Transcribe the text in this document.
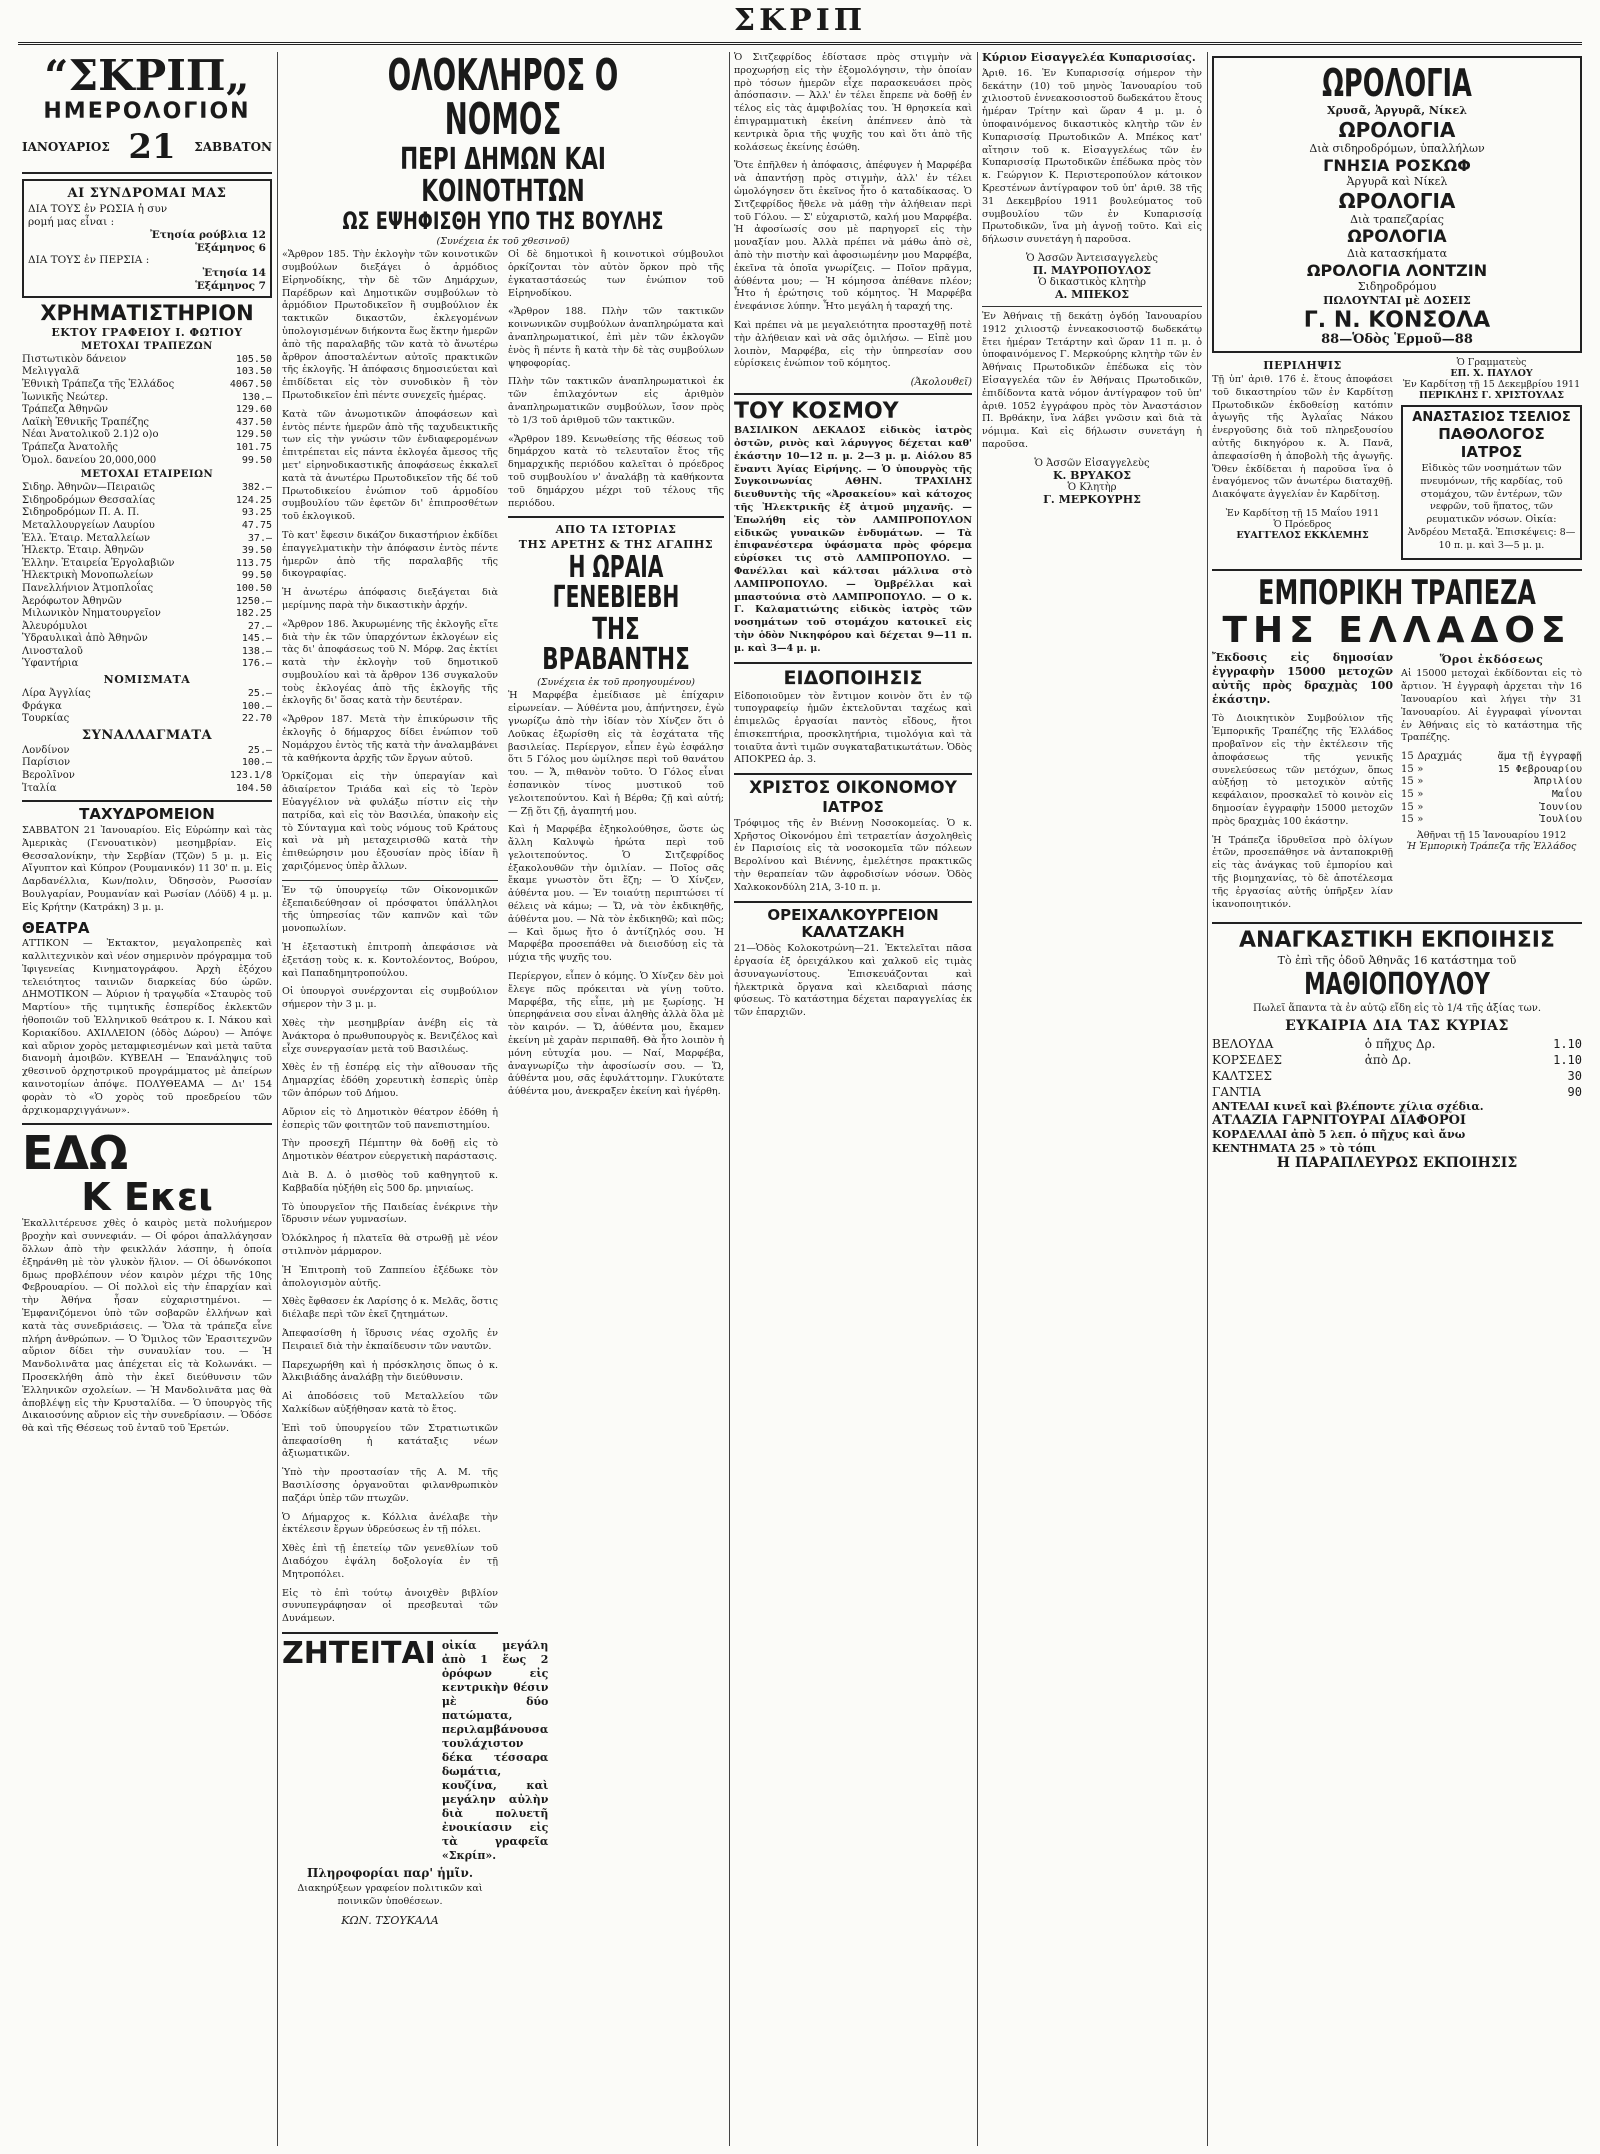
ΣΚΡΙΠ
“ΣΚΡΙΠ„
ΗΜΕΡΟΛΟΓΙΟΝ
ΙΑΝΟΥΑΡΙΟΣ 21 ΣΑΒΒΑΤΟΝ
ΑΙ ΣΥΝΔΡΟΜΑΙ ΜΑΣ
ΔΙΑ ΤΟΥΣ ἐν ΡΩΣΙΑ ἡ συν
ρομή μας εἶναι :
Ἐτησία ρούβλια 12
Ἑξάμηνος 6
ΔΙΑ ΤΟΥΣ ἐν ΠΕΡΣΙΑ :
Ἐτησία 14
Ἑξάμηνος 7
ΧΡΗΜΑΤΙΣΤΗΡΙΟΝ
ΕΚΤΟΥ ΓΡΑΦΕΙΟΥ Ι. ΦΩΤΙΟΥ
ΜΕΤΟΧΑΙ ΤΡΑΠΕΖΩΝ
Πιστωτικὸν δάνειον	105.50
Μελιγγαλᾶ	103.50
Ἐθνικὴ Τράπεζα τῆς Ἑλλάδος	4067.50
Ἰωνικῆς Νεώτερ.	130.—
Τράπεζα Ἀθηνῶν	129.60
Λαϊκὴ Ἐθνικῆς Τραπέζης	437.50
Νέαι Ἀνατολικοῦ 2.1)2 ο)ο	129.50
Τράπεζα Ἀνατολῆς	101.75
Ὁμολ. δανείου 20,000,000	99.50
ΜΕΤΟΧΑΙ ΕΤΑΙΡΕΙΩΝ
Σιδηρ. Ἀθηνῶν—Πειραιῶς	382.—
Σιδηροδρόμων Θεσσαλίας	124.25
Σιδηροδρόμων Π. Α. Π.	93.25
Μεταλλουργείων Λαυρίου	47.75
Ἑλλ. Ἑταιρ. Μεταλλείων	37.—
Ἡλεκτρ. Ἑταιρ. Ἀθηνῶν	39.50
Ἑλλην. Ἑταιρεία Ἐργολαβιῶν	113.75
Ἡλεκτρικὴ Μονοπωλείων	99.50
Πανελλήνιον Ἀτμοπλοΐας	100.50
Ἀερόφωτον Ἀθηνῶν	1250.—
Μιλωνικὸν Νηματουργεῖον	182.25
Ἀλευρόμυλοι	27.—
Ὑδραυλικαὶ ἀπὸ Ἀθηνῶν	145.—
Λινοσταλοῦ	138.—
Ὑφαντήρια	176.—
ΝΟΜΙΣΜΑΤΑ
Λίρα Ἀγγλίας	25.—
Φράγκα	100.—
Τουρκίας	22.70
ΣΥΝΑΛΛΑΓΜΑΤΑ
Λονδίνον	25.—
Παρίσιον	100.—
Βερολῖνον	123.1/8
Ἰταλία	104.50
ΤΑΧΥΔΡΟΜΕΙΟΝ

ΣΑΒΒΑΤΟΝ 21 Ἰανουαρίου. Εἰς Εὐρώπην καὶ τὰς Ἀμερικὰς (Γενουατικὸν) μεσημβρίαν. Εἰς Θεσσαλονίκην, τὴν Σερβίαν (Τζῶν) 5 μ. μ. Εἰς Αἴγυπτον καὶ Κύπρον (Ρουμανικόν) 11 30' π. μ. Εἰς Δαρδανέλλια, Κων/πολιν, Ὀδησσὸν, Ρωσσίαν Βουλγαρίαν, Ρουμανίαν καὶ Ρωσίαν (Λόϋδ) 4 μ. μ. Εἰς Κρήτην (Κατράκη) 3 μ. μ.

ΘΕΑΤΡΑ

ΑΤΤΙΚΟΝ — Ἐκτακτον, μεγαλοπρεπὲς καὶ καλλιτεχνικὸν καὶ νέον σημερινὸν πρόγραμμα τοῦ Ἰφιγενείας Κινηματογράφου. Ἀρχὴ ἐξόχου τελειότητος ταινιῶν διαρκείας δύο ὡρῶν. ΔΗΜΟΤΙΚΟΝ — Ἀύριον ἡ τραγῳδία «Σταυρὸς τοῦ Μαρτίου» τῆς τιμητικῆς ἐσπερίδος ἐκλεκτῶν ἠθοποιῶν τοῦ Ἑλληνικοῦ θεάτρου κ. Ι. Νάκου καὶ Κοριακίδου. ΑΧΙΛΛΕΙΟΝ (ὁδὸς Δώρου) — Ἀπόψε καὶ αὔριον χορὸς μεταμφιεσμένων καὶ μετὰ ταῦτα διανομὴ ἀμοιβῶν. ΚΥΒΕΛΗ — Ἐπανάληψις τοῦ χθεσινοῦ ὀρχηστρικοῦ προγράμματος μὲ ἀπείρων καινοτομίων ἀπόψε. ΠΟΛΥΘΕΑΜΑ — Δι' 154 φορὰν τὸ «Ὁ χορὸς τοῦ προεδρείου τῶν ἀρχικομαρχιγγάνων».

ΕΔΩ
Κ Εκει

Ἐκαλλιτέρευσε χθὲς ὁ καιρὸς μετὰ πολυήμερον βροχὴν καὶ συννεφιάν. — Οἱ φόροι ἀπαλλάγησαν ὅλλων ἀπὸ τὴν φεικλλάν λάσπην, ἡ ὁποία ἐξηράνθη μὲ τὸν γλυκὸν ἥλιον. — Οἱ ὁδωνόκοποι δμως προβλέπουν νέον καιρὸν μέχρι τῆς 10ης Φεβρουαρίου. — Οἱ πολλοὶ εἰς τὴν ἐπαρχίαν καὶ τὴν Ἀθήνα ἦσαν εὐχαριστημένοι. — Ἐμφανιζόμενοι ὑπὸ τῶν σοβαρῶν ἐλλήνων καὶ κατὰ τὰς συνεδριάσεις. — Ὅλα τὰ τράπεζα εἶνε πλήρη ἀνθρώπων. — Ὁ Ὅμιλος τῶν Ἐρασιτεχνῶν αὔριον δίδει τὴν συναυλίαν του. — Ἡ Μανδολινᾶτα μας ἀπέχεται εἰς τὰ Κολωνάκι. — Προσεκλήθη ἀπὸ τὴν ἐκεῖ διεύθυνσιν τῶν Ἑλληνικῶν σχολείων. — Ἡ Μανδολινᾶτα μας θὰ ἀποβλέψῃ εἰς τὴν Κρυσταλίδα. — Ὁ ὑπουργὸς τῆς Δικαιοσύνης αὔριον εἰς τὴν συνεδρίασιν. — Ὁδόσε θὰ καὶ τῆς Θέσεως τοῦ ἐνταῦ τοῦ Ἐρετών.

ΟΛΟΚΛΗΡΟΣ Ο ΝΟΜΟΣ
ΠΕΡΙ ΔΗΜΩΝ ΚΑΙ ΚΟΙΝΟΤΗΤΩΝ
ΩΣ ΕΨΗΦΙΣΘΗ ΥΠΟ ΤΗΣ ΒΟΥΛΗΣ
(Συνέχεια ἐκ τοῦ χθεσινοῦ)

«Ἄρθρον 185. Τὴν ἐκλογὴν τῶν κοινοτικῶν συμβούλων διεξάγει ὁ ἁρμόδιος Εἰρηνοδίκης, τὴν δὲ τῶν Δημάρχων, Παρέδρων καὶ Δημοτικῶν συμβούλων τὸ ἁρμόδιον Πρωτοδικεῖον ἢ συμβούλιον ἐκ τακτικῶν δικαστῶν, ἐκλεγομένων ὑπολογισμένων διήκοντα ἕως ἕκτην ἡμερῶν ἀπὸ τῆς παραλαβῆς τῶν κατὰ τὸ ἄνωτέρω ἄρθρον ἀποσταλέντων αὐτοῖς πρακτικῶν τῆς ἐκλογῆς. Ἡ ἀπόφασις δημοσιεύεται καὶ ἐπιδίδεται εἰς τὸν συνοδικὸν ἢ τὸν Πρωτοδικεῖον ἐπὶ πέντε συνεχεῖς ἡμέρας.

Κατὰ τῶν ἀνωμοτικῶν ἀποφάσεων καὶ ἐντὸς πέντε ἡμερῶν ἀπὸ τῆς ταχυδεικτικῆς των εἰς τὴν γνώσιν τῶν ἐνδιαφερομένων ἐπιτρέπεται εἰς πάντα ἐκλογέα ἄμεσος τῆς μετ' εἰρηνοδικαστικῆς ἀποφάσεως ἐκκαλεῖ κατὰ τὰ ἀνωτέρω Πρωτοδικεῖον τῆς δέ τοῦ Πρωτοδικείου ἐνώπιον τοῦ ἁρμοδίου συμβουλίου τῶν ἐφετῶν δι' ἐπιπροσθέτων τοῦ ἐκλογικοῦ.

Τὸ κατ' ἔφεσιν δικάζον δικαστήριον ἐκδίδει ἐπαγγελματικὴν τὴν ἀπόφασιν ἐντὸς πέντε ἡμερῶν ἀπὸ τῆς παραλαβῆς τῆς δικογραφίας.

Ἡ ἀνωτέρω ἀπόφασις διεξάγεται διὰ μερίμνης παρὰ τὴν δικαστικὴν ἀρχήν.

«Ἄρθρον 186. Ἀκυρωμένης τῆς ἐκλογῆς εἴτε διὰ τὴν ἐκ τῶν ὑπαρχόντων ἐκλογέων εἰς τὰς δι' ἀποφάσεως τοῦ Ν. Μόρφ. 2ας ἐκτίει κατὰ τὴν ἐκλογὴν τοῦ δημοτικοῦ συμβουλίου καὶ τὰ ἄρθρον 136 συγκαλοῦν τοὺς ἐκλογέας ἀπὸ τῆς ἐκλογῆς τῆς ἐκλογῆς δι' ὅσας κατὰ τὴν δευτέραν.

«Ἄρθρον 187. Μετὰ τὴν ἐπικύρωσιν τῆς ἐκλογῆς ὁ δήμαρχος δίδει ἐνώπιον τοῦ Νομάρχου ἐντὸς τῆς κατὰ τὴν ἀναλαμβάνει τὰ καθήκοντα ἀρχῆς τῶν ἔργων αὐτοῦ.

Ὁρκίζομαι εἰς τὴν ὑπεραγίαν καὶ ἀδιαίρετον Τριάδα καὶ εἰς τὸ Ἱερὸν Εὐαγγέλιον νὰ φυλάξω πίστιν εἰς τὴν πατρίδα, καὶ εἰς τὸν Βασιλέα, ὑπακοὴν εἰς τὸ Σύνταγμα καὶ τοὺς νόμους τοῦ Κράτους καὶ νὰ μὴ μεταχειρισθῶ κατὰ τὴν ἐπιθεώρησιν μου ἐξουσίαν πρὸς ἰδίαν ἢ χαριζόμενος ὑπὲρ ἄλλων.

Ἐν τῷ ὑπουργείῳ τῶν Οἰκονομικῶν ἐξεπαιδεύθησαν οἱ πρόσφατοι ὑπάλληλοι τῆς ὑπηρεσίας τῶν καπνῶν καὶ τῶν μονοπωλίων.

Ἡ ἐξεταστικὴ ἐπιτροπὴ ἀπεφάσισε νὰ ἐξετάσῃ τοὺς κ. κ. Κοντολέοντος, Βούρου, καὶ Παπαδημητροπούλου.

Οἱ ὑπουργοὶ συνέρχονται εἰς συμβούλιον σήμερον τὴν 3 μ. μ.

Χθὲς τὴν μεσημβρίαν ἀνέβη εἰς τὰ Ἀνάκτορα ὁ πρωθυπουργὸς κ. Βενιζέλος καὶ εἶχε συνεργασίαν μετὰ τοῦ Βασιλέως.

Χθὲς ἐν τῇ ἐσπέρᾳ εἰς τὴν αἴθουσαν τῆς Δημαρχίας ἐδόθη χορευτικὴ ἑσπερὶς ὑπὲρ τῶν ἀπόρων τοῦ Δήμου.

Αὔριον εἰς τὸ Δημοτικὸν θέατρον ἐδόθη ἡ ἐσπερὶς τῶν φοιτητῶν τοῦ πανεπιστημίου.

Τὴν προσεχῆ Πέμπτην θὰ δοθῇ εἰς τὸ Δημοτικὸν θέατρον εὐεργετικὴ παράστασις.

Διὰ Β. Δ. ὁ μισθὸς τοῦ καθηγητοῦ κ. Καββαδία ηὐξήθη εἰς 500 δρ. μηνιαίως.

Τὸ ὑπουργεῖον τῆς Παιδείας ἐνέκρινε τὴν ἵδρυσιν νέων γυμνασίων.

Ὀλόκληρος ἡ πλατεῖα θὰ στρωθῇ μὲ νέον στιλπνὸν μάρμαρον.

Ἡ Ἐπιτροπὴ τοῦ Ζαππείου ἐξέδωκε τὸν ἀπολογισμὸν αὐτῆς.

Χθὲς ἔφθασεν ἐκ Λαρίσης ὁ κ. Μελᾶς, ὅστις διέλαβε περὶ τῶν ἐκεῖ ζητημάτων.

Ἀπεφασίσθη ἡ ἵδρυσις νέας σχολῆς ἐν Πειραιεῖ διὰ τὴν ἐκπαίδευσιν τῶν ναυτῶν.

Παρεχωρήθη καὶ ἡ πρόσκλησις ὅπως ὁ κ. Ἀλκιβιάδης ἀναλάβῃ τὴν διεύθυνσιν.

Αἱ ἀποδόσεις τοῦ Μεταλλείου τῶν Χαλκίδων αὐξήθησαν κατὰ τὸ ἔτος.

Ἐπὶ τοῦ ὑπουργείου τῶν Στρατιωτικῶν ἀπεφασίσθη ἡ κατάταξις νέων ἀξιωματικῶν.

Ὑπὸ τὴν προστασίαν τῆς Α. Μ. τῆς Βασιλίσσης ὀργανοῦται φιλανθρωπικὸν παζάρι ὑπὲρ τῶν πτωχῶν.

Ὁ Δήμαρχος κ. Κόλλια ἀνέλαβε τὴν ἐκτέλεσιν ἔργων ὑδρεύσεως ἐν τῇ πόλει.

Χθὲς ἐπὶ τῇ ἐπετείῳ τῶν γενεθλίων τοῦ Διαδόχου ἐψάλη δοξολογία ἐν τῇ Μητροπόλει.

Εἰς τὸ ἐπὶ τούτῳ ἀνοιχθὲν βιβλίον συνυπεγράφησαν οἱ πρεσβευταὶ τῶν Δυνάμεων.

ΖΗΤΕΙΤΑΙ οἰκία μεγάλη ἀπὸ 1 ἕως 2 ὀρόφων εἰς κεντρικὴν θέσιν μὲ δύο πατώματα, περιλαμβάνουσα τουλάχιστον δέκα τέσσαρα δωμάτια, κουζίνα, καὶ μεγάλην αὐλὴν διὰ πολυετῆ ἐνοικίασιν εἰς τὰ γραφεῖα «Σκρίπ».
Πληροφορίαι παρ' ἡμῖν.

Διακηρύξεων γραφείον πολιτικῶν καὶ ποινικῶν ὑποθέσεων.

ΚΩΝ. ΤΣΟΥΚΑΛΑ

Οἱ δὲ δημοτικοὶ ἢ κοινοτικοὶ σύμβουλοι ὁρκίζονται τὸν αὐτὸν ὅρκον πρὸ τῆς ἐγκαταστάσεώς των ἐνώπιον τοῦ Εἰρηνοδίκου.

«Ἄρθρον 188. Πλὴν τῶν τακτικῶν κοινωνικῶν συμβούλων ἀναπληρώματα καὶ ἀναπληρωματικοί, ἐπὶ μὲν τῶν ἐκλογῶν ἑνὸς ἢ πέντε ἢ κατὰ τὴν δὲ τὰς συμβούλων ψηφοφορίας.

Πλὴν τῶν τακτικῶν ἀναπληρωματικοὶ ἐκ τῶν ἐπιλαχόντων εἰς ἀριθμὸν ἀναπληρωματικῶν συμβούλων, ἴσον πρὸς τὸ 1/3 τοῦ ἀριθμοῦ τῶν τακτικῶν.

«Ἄρθρον 189. Κενωθείσης τῆς θέσεως τοῦ δημάρχου κατὰ τὸ τελευταῖον ἔτος τῆς δημαρχικῆς περιόδου καλεῖται ὁ πρόεδρος τοῦ συμβουλίου ν' ἀναλάβῃ τὰ καθήκοντα τοῦ δημάρχου μέχρι τοῦ τέλους τῆς περιόδου.

ΑΠΟ ΤΑ ΙΣΤΟΡΙΑΣ
ΤΗΣ ΑΡΕΤΗΣ & ΤΗΣ ΑΓΑΠΗΣ
Η ΩΡΑΙΑ ΓΕΝΕΒΙΕΒΗ
ΤΗΣ ΒΡΑΒΑΝΤΗΣ
(Συνέχεια ἐκ τοῦ προηγουμένου)

Ἡ Μαρφέβα ἐμείδιασε μὲ ἐπίχαριν εἰρωνείαν. — Ἀύθέντα μου, ἀπήντησεν, ἐγὼ γνωρίζω ἀπὸ τὴν ἰδίαν τὸν Χίνζεν ὅτι ὁ Λοῦκας ἐξωρίσθη εἰς τὰ ἐσχάτατα τῆς βασιλείας. Περίεργον, εἶπεν ἐγὼ ἐσφάλησ ὅτι 5 Γόλος μου ὡμίλησε περὶ τοῦ θανάτου του. — Ἄ, πιθανὸν τοῦτο. Ὁ Γόλος εἶναι ἐσπανικὸν τίνος μυστικοῦ τοῦ γελοιτεπούντου. Καὶ ἡ Βέρθα; ζῇ καὶ αὐτή; — Ζῇ ὅτι ζῇ, ἀγαπητή μου.

Καὶ ἡ Μαρφέβα ἐξηκολούθησε, ὥστε ὡς ἄλλη Καλυψὼ ἡρώτα περὶ τοῦ γελοιτεπούντος. Ὁ Σιτζεφρίδος ἐξακολουθῶν τὴν ὁμιλίαν. — Ποῖος σᾶς ἔκαμε γνωστὸν ὅτι ἔζη; — Ὁ Χίνζεν, ἀύθέντα μου. — Ἐν τοιαύτῃ περιπτώσει τί θέλεις νὰ κάμω; — Ὤ, νὰ τὸν ἐκδικηθῆς, ἀύθέντα μου. — Νὰ τὸν ἐκδικηθῶ; καὶ πῶς; — Καὶ ὅμως ἤτο ὁ ἀντίζηλός σου. Ἡ Μαρφέβα προσεπάθει νὰ διεισδύσῃ εἰς τὰ μύχια τῆς ψυχῆς του.

Περίεργον, εἶπεν ὁ κόμης. Ὁ Χίνζεν δὲν μοὶ ἔλεγε πῶς πρόκειται νὰ γίνῃ τοῦτο. Μαρφέβα, τῆς εἶπε, μὴ με ξωρίσῃς. Ἡ ὑπερηφάνεια σου εἶναι ἀληθὴς ἀλλὰ ὅλα μὲ τὸν καιρόν. — Ὤ, ἀύθέντα μου, ἔκαμεν ἐκείνη μὲ χαρὰν περιπαθῆ. Θὰ ἦτο λοιπὸν ἡ μόνη εὐτυχία μου. — Ναί, Μαρφέβα, ἀναγνωρίζω τὴν ἀφοσίωσίν σου. — Ὤ, ἀύθέντα μου, σᾶς ἐφυλάττομην. Γλυκύτατε ἀύθέντα μου, ἀνεκραξεν ἐκείνη καὶ ἠγέρθη.

Ὁ Σιτζεφρίδος ἐδίστασε πρὸς στιγμὴν νὰ προχωρήσῃ εἰς τὴν ἐξομολόγησιν, τὴν ὁποίαν πρὸ τόσων ἡμερῶν εἶχε παρασκευάσει πρὸς ἀπόσπασιν. — Ἀλλ' ἐν τέλει ἔπρεπε νὰ δοθῇ ἐν τέλος εἰς τὰς ἀμφιβολίας του. Ἡ θρησκεία καὶ ἐπιγραμματικὴ ἐκείνη ἀπέπνεεν ἀπὸ τὰ κεντρικὰ ὅρια τῆς ψυχῆς του καὶ ὅτι ἀπὸ τῆς κολάσεως ἐκείνης ἐσώθη.

Ὅτε ἐπῆλθεν ἡ ἀπόφασις, ἀπέφυγεν ἡ Μαρφέβα νὰ ἀπαντήσῃ πρὸς στιγμὴν, ἀλλ' ἐν τέλει ὡμολόγησεν ὅτι ἐκεῖνος ἦτο ὁ καταδίκασας. Ὁ Σιτζεφρίδος ἤθελε νὰ μάθῃ τὴν ἀλήθειαν περὶ τοῦ Γόλου. — Σ' εὐχαριστῶ, καλή μου Μαρφέβα. Ἡ ἀφοσίωσίς σου μὲ παρηγορεῖ εἰς τὴν μοναξίαν μου. Ἀλλὰ πρέπει νὰ μάθω ἀπὸ σὲ, ἀπὸ τὴν πιστὴν καὶ ἀφοσιωμένην μου Μαρφέβα, ἐκεῖνα τὰ ὁποῖα γνωρίζεις. — Ποῖον πρᾶγμα, ἀύθέντα μου; — Ἡ κόμησσα ἀπέθανε πλέον; Ἦτο ἡ ἐρώτησις τοῦ κόμητος. Ἡ Μαρφέβα ἐνεφάνισε λύπην. Ἦτο μεγάλη ἡ ταραχή της.

Καὶ πρέπει νὰ με μεγαλειότητα προσταχθῇ ποτὲ τὴν ἀλήθειαν καὶ νὰ σᾶς ὁμιλήσω. — Εἰπὲ μου λοιπὸν, Μαρφέβα, εἰς τὴν ὑπηρεσίαν σου εὑρίσκεις ἐνώπιον τοῦ κόμητος.

(Ἀκολουθεῖ)
ΤΟΥ ΚΟΣΜΟΥ

ΒΑΣΙΛΙΚΟΝ ΔΕΚΑΔΟΣ εἰδικὸς ἰατρὸς ὀστῶν, ρινὸς καὶ λάρυγγος δέχεται καθ' ἑκάστην 10—12 π. μ. 2—3 μ. μ. Αἰόλου 85 ἔναντι Ἁγίας Εἰρήνης. — Ὁ ὑπουργὸς τῆς Συγκοινωνίας ΑΘΗΝ. ΤΡΑΧΙΛΗΣ διευθυντὴς τῆς «Ἀρσακείου» καὶ κάτοχος τῆς Ἠλεκτρικῆς ἐξ ἀτμοῦ μηχανῆς. — Ἐπωλήθη εἰς τὸν ΛΑΜΠΡΟΠΟΥΛΟΝ εἰδικῶς γυναικῶν ἐνδυμάτων. — Τὰ ἐπιφανέστερα ὑφάσματα πρὸς φόρεμα εὑρίσκει τις στὸ ΛΑΜΠΡΟΠΟΥΛΟ. — Φανέλλαι καὶ κάλτσαι μάλλινα στὸ ΛΑΜΠΡΟΠΟΥΛΟ. — Ὀμβρέλλαι καὶ μπαστούνια στὸ ΛΑΜΠΡΟΠΟΥΛΟ. — Ο κ. Γ. Καλαματιώτης εἰδικὸς ἰατρὸς τῶν νοσημάτων τοῦ στομάχου κατοικεῖ εἰς τὴν ὁδὸν Νικηφόρου καὶ δέχεται 9—11 π. μ. καὶ 3—4 μ. μ.

ΕΙΔΟΠΟΙΗΣΙΣ

Εἰδοποιοῦμεν τὸν ἔντιμον κοινὸν ὅτι ἐν τῷ τυπογραφείῳ ἡμῶν ἐκτελοῦνται ταχέως καὶ ἐπιμελῶς ἐργασίαι παντὸς εἴδους, ἤτοι ἐπισκεπτήρια, προσκλητήρια, τιμολόγια καὶ τὰ τοιαῦτα ἀντὶ τιμῶν συγκαταβατικωτάτων. Ὁδὸς ΑΠΟΚΡΕΩ ἀρ. 3.

ΧΡΙΣΤΟΣ ΟΙΚΟΝΟΜΟΥ
ΙΑΤΡΟΣ

Τρόφιμος τῆς ἐν Βιέννῃ Νοσοκομείας. Ὁ κ. Χρῆστος Οἰκονόμου ἐπὶ τετραετίαν ἀσχοληθεὶς ἐν Παρισίοις εἰς τὰ νοσοκομεῖα τῶν πόλεων Βερολίνου καὶ Βιέννης, ἐμελέτησε πρακτικῶς τὴν θεραπείαν τῶν ἀφροδισίων νόσων. Ὁδὸς Χαλκοκονδύλη 21Α, 3-10 π. μ.

ΟΡΕΙΧΑΛΚΟΥΡΓΕΙΟΝ
ΚΑΛΑΤΖΑΚΗ

21—Ὁδὸς Κολοκοτρώνη—21. Ἐκτελεῖται πᾶσα ἐργασία ἐξ ὀρειχάλκου καὶ χαλκοῦ εἰς τιμὰς ἀσυναγωνίστους. Ἐπισκευάζονται καὶ ἠλεκτρικὰ ὄργανα καὶ κλειδαριαὶ πάσης φύσεως. Τὸ κατάστημα δέχεται παραγγελίας ἐκ τῶν ἐπαρχιῶν.

Κύριον Εἰσαγγελέα Κυπαρισσίας.

Ἀριθ. 16. Ἐν Κυπαρισσίᾳ σήμερον τὴν δεκάτην (10) τοῦ μηνὸς Ἰανουαρίου τοῦ χιλιοστοῦ ἐννεακοσιοστοῦ δωδεκάτου ἔτους ἡμέραν Τρίτην καὶ ὥραν 4 μ. μ. ὁ ὑποφαινόμενος δικαστικὸς κλητὴρ τῶν ἐν Κυπαρισσίᾳ Πρωτοδικῶν Α. Μπέκος κατ' αἴτησιν τοῦ κ. Εἰσαγγελέως τῶν ἐν Κυπαρισσίᾳ Πρωτοδικῶν ἐπέδωκα πρὸς τὸν κ. Γεώργιον Κ. Περιστεροπούλον κάτοικον Κρεστένων ἀντίγραφον τοῦ ὑπ' ἀριθ. 38 τῆς 31 Δεκεμβρίου 1911 βουλεύματος τοῦ συμβουλίου τῶν ἐν Κυπαρισσίᾳ Πρωτοδικῶν, ἵνα μὴ ἀγνοῇ τοῦτο. Καὶ εἰς δήλωσιν συνετάγη ἡ παροῦσα.

Ὁ Ἀσσῶν Ἀντεισαγγελεὺς
Π. ΜΑΥΡΟΠΟΥΛΟΣ
Ὁ δικαστικὸς κλητὴρ
Α. ΜΠΕΚΟΣ

Ἐν Ἀθήναις τῇ δεκάτῃ ὀγδόῃ Ἰανουαρίου 1912 χιλιοστῷ ἐννεακοσιοστῷ δωδεκάτῳ ἔτει ἡμέραν Τετάρτην καὶ ὥραν 11 π. μ. ὁ ὑποφαινόμενος Γ. Μερκούρης κλητὴρ τῶν ἐν Ἀθήναις Πρωτοδικῶν ἐπέδωκα εἰς τὸν Εἰσαγγελέα τῶν ἐν Ἀθήναις Πρωτοδικῶν, ἐπιδίδοντα κατὰ νόμον ἀντίγραφον τοῦ ὑπ' ἀριθ. 1052 ἐγγράφου πρὸς τὸν Ἀναστάσιον Π. Βρθάκην, ἵνα λάβει γνῶσιν καὶ διὰ τὰ νόμιμα. Καὶ εἰς δήλωσιν συνετάγη ἡ παροῦσα.

Ὁ Ἀσσῶν Εἰσαγγελεὺς
Κ. ΒΡΥΑΚΟΣ
Ὁ Κλητὴρ
Γ. ΜΕΡΚΟΥΡΗΣ
ΩΡΟΛΟΓΙΑ
Χρυσᾶ, Ἀργυρᾶ, Νίκελ
ΩΡΟΛΟΓΙΑ
Διὰ σιδηροδρόμων, ὑπαλλήλων
ΓΝΗΣΙΑ ΡΟΣΚΩΦ
Ἀργυρᾶ καὶ Νίκελ
ΩΡΟΛΟΓΙΑ
Διὰ τραπεζαρίας
ΩΡΟΛΟΓΙΑ
Διὰ κατασκήματα
ΩΡΟΛΟΓΙΑ ΛΟΝΤΖΙΝ
Σιδηροδρόμου
ΠΩΛΟΥΝΤΑΙ μὲ ΔΟΣΕΙΣ
Γ. Ν. ΚΟΝΣΟΛΑ
88—Ὁδὸς Ἑρμοῦ—88
ΠΕΡΙΛΗΨΙΣ

Τῇ ὑπ' ἀριθ. 176 ἐ. ἔτους ἀποφάσει τοῦ δικαστηρίου τῶν ἐν Καρδίτσῃ Πρωτοδικῶν ἐκδοθείσῃ κατόπιν ἀγωγῆς τῆς Ἀγλαΐας Νάκου ἐνεργοῦσης διὰ τοῦ πληρεξουσίου αὐτῆς δικηγόρου κ. Ἀ. Πανᾶ, ἀπεφασίσθη ἡ ἀποβολὴ τῆς ἀγωγῆς. Ὅθεν ἐκδίδεται ἡ παροῦσα ἵνα ὁ ἐναγόμενος τῶν ἀνωτέρω διαταχθῇ. Διακόψατε ἀγγελίαν ἐν Καρδίτσῃ.

Ἐν Καρδίτσῃ τῇ 15 Μαΐου 1911
Ὁ Πρόεδρος
ΕΥΑΓΓΕΛΟΣ ΕΚΚΛΕΜΗΣ
Ὁ Γραμματεὺς
ΕΠ. Χ. ΠΑΥΛΟΥ
Ἐν Καρδίτσῃ τῇ 15 Δεκεμβρίου 1911
ΠΕΡΙΚΛΗΣ Γ. ΧΡΙΣΤΟΥΛΑΣ
ΑΝΑΣΤΑΣΙΟΣ ΤΣΕΛΙΟΣ
ΠΑΘΟΛΟΓΟΣ ΙΑΤΡΟΣ

Εἰδικὸς τῶν νοσημάτων τῶν πνευμόνων, τῆς καρδίας, τοῦ στομάχου, τῶν ἐντέρων, τῶν νεφρῶν, τοῦ ἥπατος, τῶν ρευματικῶν νόσων. Οἰκία: Ἀνδρέου Μεταξᾶ. Ἐπισκέψεις: 8—10 π. μ. καὶ 3—5 μ. μ.

ΕΜΠΟΡΙΚΗ ΤΡΑΠΕΖΑ
ΤΗΣ ΕΛΛΑΔΟΣ

Ἔκδοσις εἰς δημοσίαν ἐγγραφὴν 15000 μετοχῶν αὐτῆς πρὸς δραχμὰς 100 ἑκάστην.

Τὸ Διοικητικὸν Συμβούλιον τῆς Ἐμπορικῆς Τραπέζης τῆς Ἑλλάδος προβαῖνον εἰς τὴν ἐκτέλεσιν τῆς ἀποφάσεως τῆς γενικῆς συνελεύσεως τῶν μετόχων, ὅπως αὐξήσῃ τὸ μετοχικὸν αὐτῆς κεφάλαιον, προσκαλεῖ τὸ κοινὸν εἰς δημοσίαν ἐγγραφὴν 15000 μετοχῶν πρὸς δραχμὰς 100 ἑκάστην.

Ἡ Τράπεζα ἱδρυθεῖσα πρὸ ὀλίγων ἐτῶν, προσεπάθησε νὰ ἀνταποκριθῇ εἰς τὰς ἀνάγκας τοῦ ἐμπορίου καὶ τῆς βιομηχανίας, τὸ δὲ ἀποτέλεσμα τῆς ἐργασίας αὐτῆς ὑπῆρξεν λίαν ἱκανοποιητικόν.

Ὅροι ἐκδόσεως

Αἱ 15000 μετοχαὶ ἐκδίδονται εἰς τὸ ἄρτιον. Ἡ ἐγγραφὴ ἀρχεται τὴν 16 Ἰανουαρίου καὶ λήγει τὴν 31 Ἰανουαρίου. Αἱ ἐγγραφαὶ γίνονται ἐν Ἀθήναις εἰς τὸ κατάστημα τῆς Τραπέζης.

15	Δραχμάς	ἅμα τῇ ἐγγραφῇ
15	»	15 Φεβρουαρίου
15	»	Ἀπριλίου
15	»	Μαΐου
15	»	Ἰουνίου
15	»	Ἰουλίου
Ἀθῆναι τῇ 15 Ἰανουαρίου 1912
Ἡ Ἐμπορικὴ Τράπεζα τῆς Ἑλλάδος
ΑΝΑΓΚΑΣΤΙΚΗ ΕΚΠΟΙΗΣΙΣ
Τὸ ἐπὶ τῆς ὁδοῦ Ἀθηνᾶς 16 κατάστημα τοῦ
ΜΑΘΙΟΠΟΥΛΟΥ
Πωλεῖ ἅπαντα τὰ ἐν αὐτῷ εἴδη εἰς τὸ 1/4 τῆς ἀξίας των.
ΕΥΚΑΙΡΙΑ ΔΙΑ ΤΑΣ ΚΥΡΙΑΣ
ΒΕΛΟΥΔΑ	ὁ πῆχυς Δρ.	1.10
ΚΟΡΣΕΔΕΣ	ἀπὸ Δρ.	1.10
ΚΑΛΤΣΕΣ		30
ΓΑΝΤΙΑ		90
ΑΝΤΕΛΑΙ κινεῖ καὶ βλέποντε χίλια σχέδια.
ΑΤΛΑΖΙΑ ΓΑΡΝΙΤΟΥΡΑΙ ΔΙΑΦΟΡΟΙ
ΚΟΡΔΕΛΛΑΙ ἀπὸ 5 λεπ. ὁ πῆχυς καὶ ἄνω
ΚΕΝΤΗΜΑΤΑ 25 » τὸ τόπι
Η ΠΑΡΑΠΛΕΥΡΩΣ ΕΚΠΟΙΗΣΙΣ
